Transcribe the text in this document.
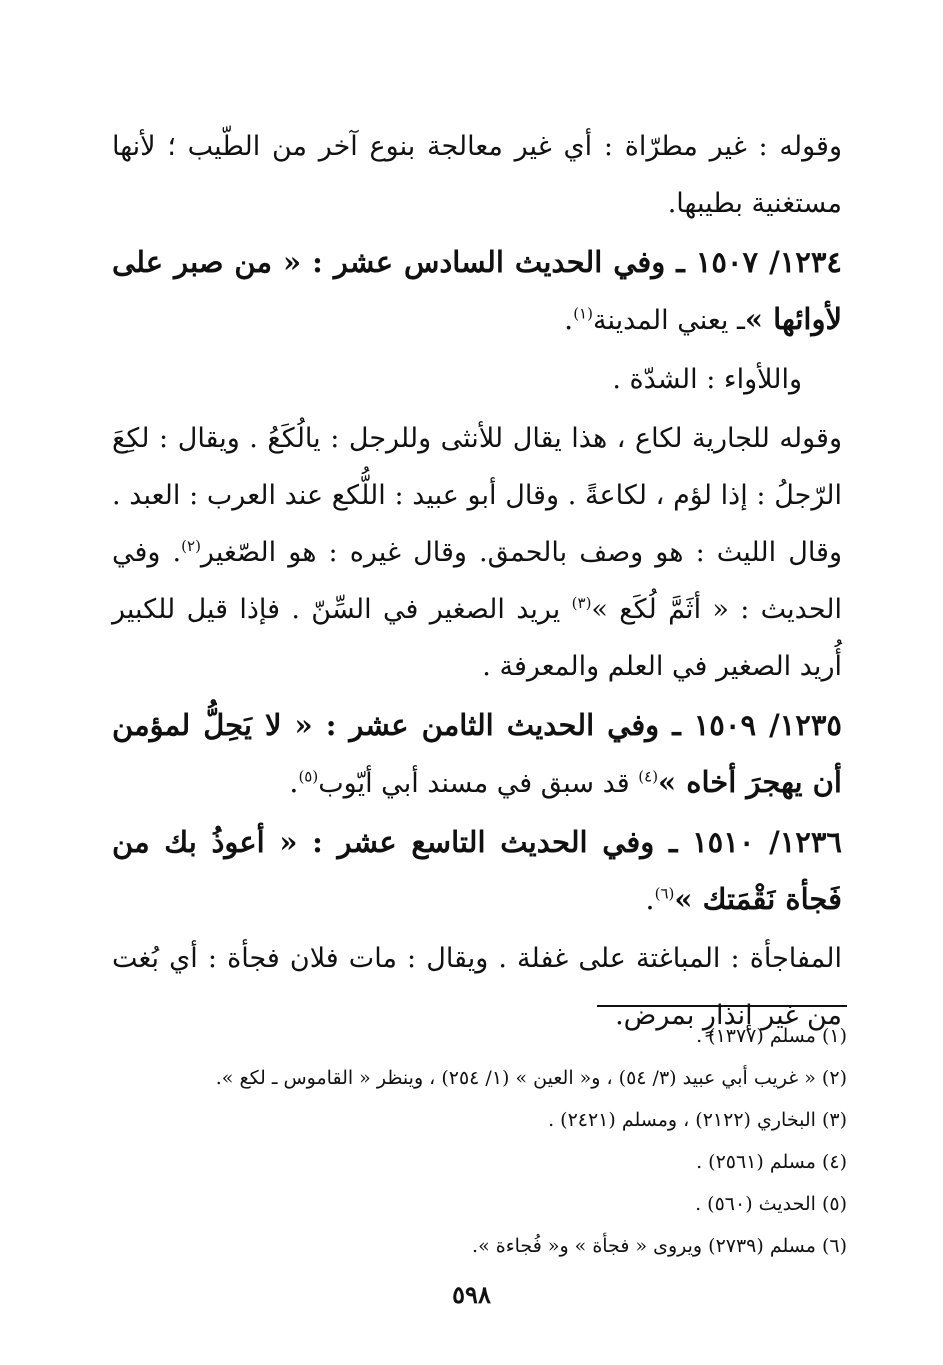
وقوله : غير مطرّاة : أي غير معالجة بنوع آخر من الطّيب ؛ لأنها مستغنية بطيبها.

١٢٣٤/ ١٥٠٧ ـ وفي الحديث السادس عشر : « من صبر على لأوائها »ـ يعني المدينة$^{(١)}$.

واللأواء : الشدّة .

وقوله للجارية لكاع ، هذا يقال للأنثى وللرجل : يالُكَعُ . ويقال : لكِعَ الرّجلُ : إذا لؤم ، لكاعةً . وقال أبو عبيد : اللُّكع عند العرب : العبد . وقال الليث : هو وصف بالحمق. وقال غيره : هو الصّغير$^{(٢)}$. وفي الحديث : « أثَمَّ لُكَع »$^{(٣)}$ يريد الصغير في السِّنّ . فإذا قيل للكبير أُريد الصغير في العلم والمعرفة .

١٢٣٥/ ١٥٠٩ ـ وفي الحديث الثامن عشر : « لا يَحِلُّ لمؤمن أن يهجرَ أخاه »$^{(٤)}$ قد سبق في مسند أبي أيّوب$^{(٥)}$.

١٢٣٦/ ١٥١٠ ـ وفي الحديث التاسع عشر : « أعوذُ بك من فَجأة نَقْمَتك »$^{(٦)}$.

المفاجأة : المباغتة على غفلة . ويقال : مات فلان فجأة : أي بُغت من غير إنذارٍ بمرض.

(١) مسلم (١٣٧٧) .

(٢) « غريب أبي عبيد (٣/ ٥٤) ، و« العين » (١/ ٢٥٤) ، وينظر « القاموس ـ لكع ».

(٣) البخاري (٢١٢٢) ، ومسلم (٢٤٢١) .

(٤) مسلم (٢٥٦١) .

(٥) الحديث (٥٦٠) .

(٦) مسلم (٢٧٣٩) ويروى « فجأة » و« فُجاءة ».

٥٩٨
